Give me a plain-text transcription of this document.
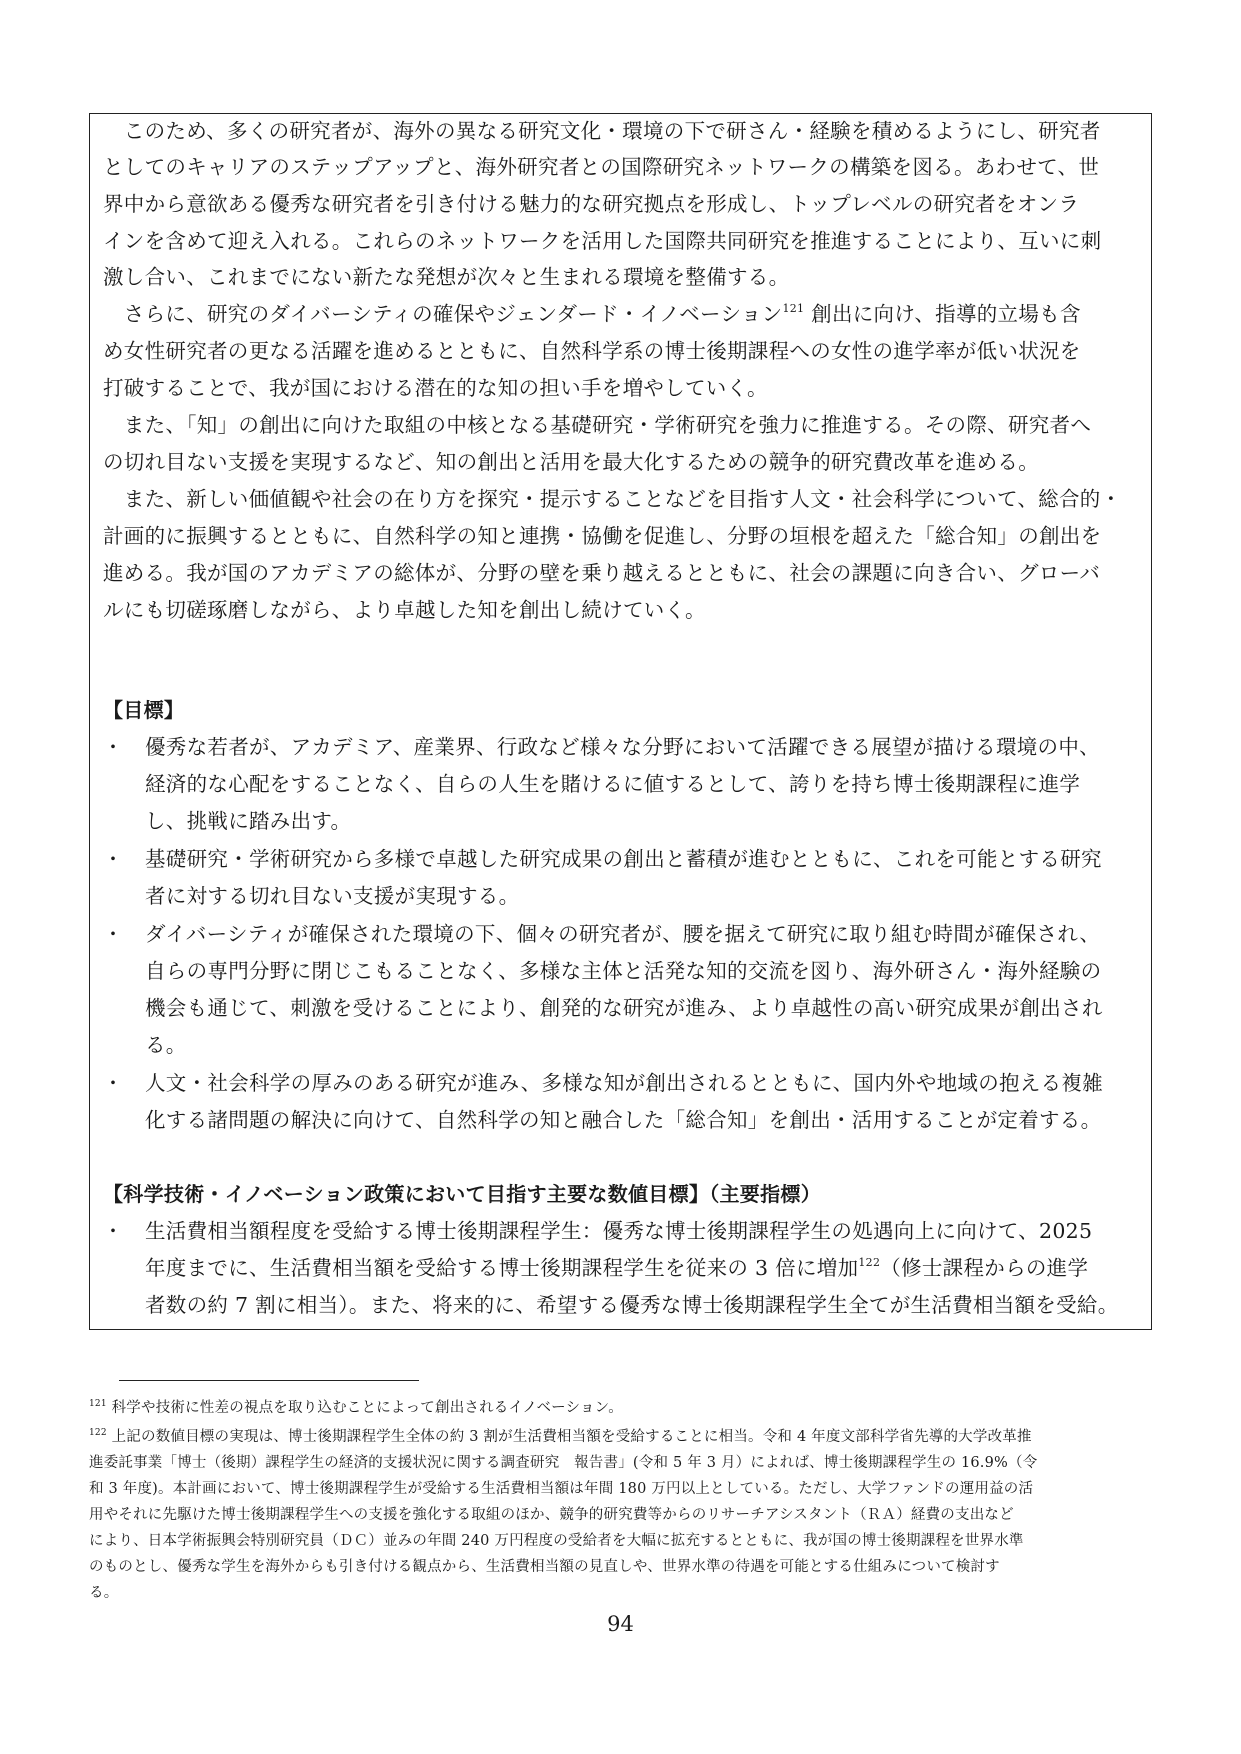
　このため、多くの研究者が、海外の異なる研究文化・環境の下で研さん・経験を積めるようにし、研究者
としてのキャリアのステップアップと、海外研究者との国際研究ネットワークの構築を図る。あわせて、世
界中から意欲ある優秀な研究者を引き付ける魅力的な研究拠点を形成し、トップレベルの研究者をオンラ
インを含めて迎え入れる。これらのネットワークを活用した国際共同研究を推進することにより、互いに刺
激し合い、これまでにない新たな発想が次々と生まれる環境を整備する。
　さらに、研究のダイバーシティの確保やジェンダード・イノベーション$^{121}$ 創出に向け、指導的立場も含
め女性研究者の更なる活躍を進めるとともに、自然科学系の博士後期課程への女性の進学率が低い状況を
打破することで、我が国における潜在的な知の担い手を増やしていく。
　また、「知」の創出に向けた取組の中核となる基礎研究・学術研究を強力に推進する。その際、研究者へ
の切れ目ない支援を実現するなど、知の創出と活用を最大化するための競争的研究費改革を進める。
　また、新しい価値観や社会の在り方を探究・提示することなどを目指す人文・社会科学について、総合的・
計画的に振興するとともに、自然科学の知と連携・協働を促進し、分野の垣根を超えた「総合知」の創出を
進める。我が国のアカデミアの総体が、分野の壁を乗り越えるとともに、社会の課題に向き合い、グローバ
ルにも切磋琢磨しながら、より卓越した知を創出し続けていく。
【目標】
・ 優秀な若者が、アカデミア、産業界、行政など様々な分野において活躍できる展望が描ける環境の中、
経済的な心配をすることなく、自らの人生を賭けるに値するとして、誇りを持ち博士後期課程に進学
し、挑戦に踏み出す。
・ 基礎研究・学術研究から多様で卓越した研究成果の創出と蓄積が進むとともに、これを可能とする研究
者に対する切れ目ない支援が実現する。
・ ダイバーシティが確保された環境の下、個々の研究者が、腰を据えて研究に取り組む時間が確保され、
自らの専門分野に閉じこもることなく、多様な主体と活発な知的交流を図り、海外研さん・海外経験の
機会も通じて、刺激を受けることにより、創発的な研究が進み、より卓越性の高い研究成果が創出され
る。
・ 人文・社会科学の厚みのある研究が進み、多様な知が創出されるとともに、国内外や地域の抱える複雑
化する諸問題の解決に向けて、自然科学の知と融合した「総合知」を創出・活用することが定着する。
【科学技術・イノベーション政策において目指す主要な数値目標】（主要指標）
・ 生活費相当額程度を受給する博士後期課程学生：優秀な博士後期課程学生の処遇向上に向けて、2025
年度までに、生活費相当額を受給する博士後期課程学生を従来の 3 倍に増加$^{122}$（修士課程からの進学
者数の約 7 割に相当）。また、将来的に、希望する優秀な博士後期課程学生全てが生活費相当額を受給。
$^{121}$ 科学や技術に性差の視点を取り込むことによって創出されるイノベーション。
$^{122}$ 上記の数値目標の実現は、博士後期課程学生全体の約 3 割が生活費相当額を受給することに相当。令和 4 年度文部科学省先導的大学改革推
進委託事業「博士（後期）課程学生の経済的支援状況に関する調査研究　報告書」(令和 5 年 3 月）によれば、博士後期課程学生の 16.9%（令
和 3 年度)。本計画において、博士後期課程学生が受給する生活費相当額は年間 180 万円以上としている。ただし、大学ファンドの運用益の活
用やそれに先駆けた博士後期課程学生への支援を強化する取組のほか、競争的研究費等からのリサーチアシスタント（ＲＡ）経費の支出など
により、日本学術振興会特別研究員（ＤＣ）並みの年間 240 万円程度の受給者を大幅に拡充するとともに、我が国の博士後期課程を世界水準
のものとし、優秀な学生を海外からも引き付ける観点から、生活費相当額の見直しや、世界水準の待遇を可能とする仕組みについて検討す
る。
94
